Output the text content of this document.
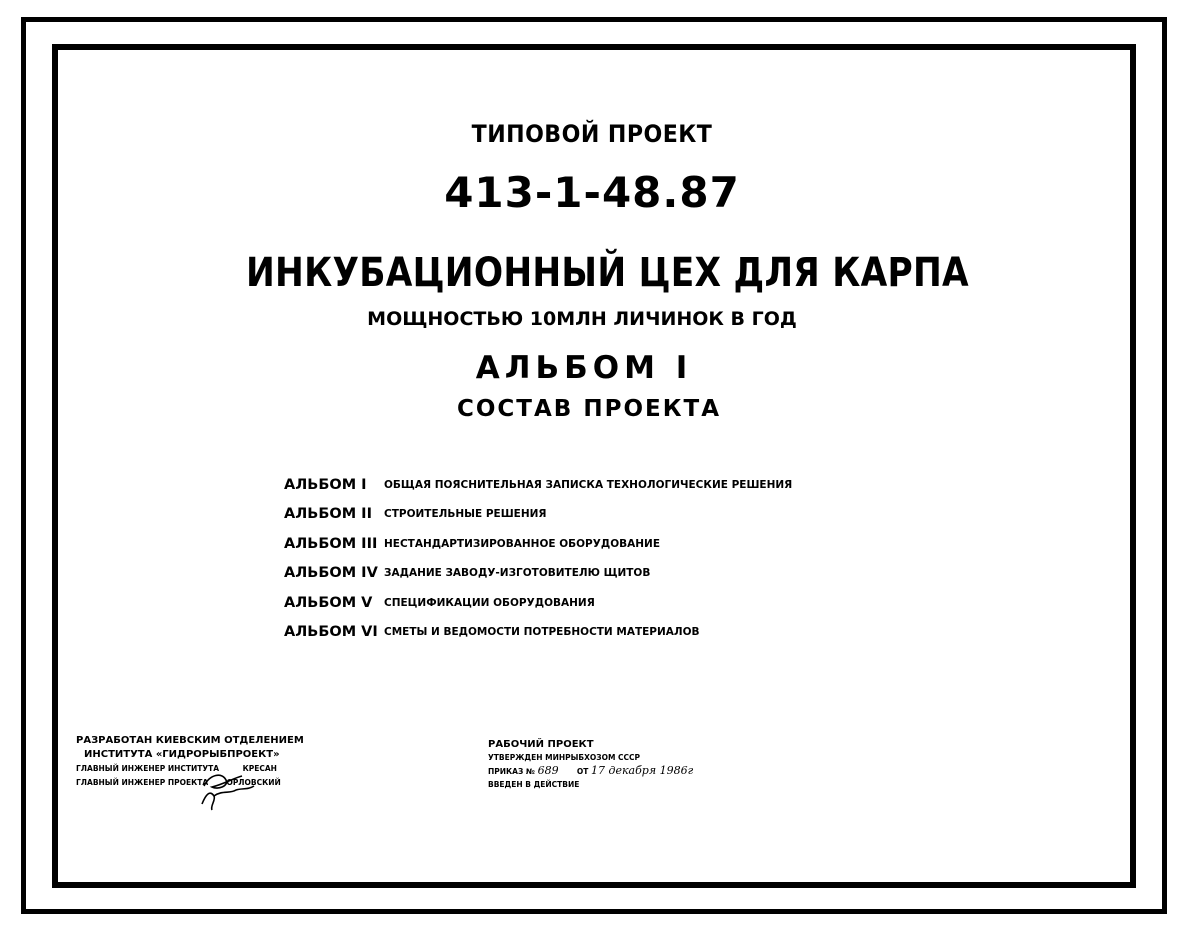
ТИПОВОЙ ПРОЕКТ
413-1-48.87
ИНКУБАЦИОННЫЙ ЦЕХ ДЛЯ КАРПА
МОЩНОСТЬЮ 10МЛН ЛИЧИНОК В ГОД
АЛЬБОМ I
СОСТАВ ПРОЕКТА
АЛЬБОМ I	ОБЩАЯ ПОЯСНИТЕЛЬНАЯ ЗАПИСКА ТЕХНОЛОГИЧЕСКИЕ РЕШЕНИЯ
АЛЬБОМ II	СТРОИТЕЛЬНЫЕ РЕШЕНИЯ
АЛЬБОМ III НЕСТАНДАРТИЗИРОВАННОЕ ОБОРУДОВАНИЕ
АЛЬБОМ IV ЗАДАНИЕ ЗАВОДУ-ИЗГОТОВИТЕЛЮ ЩИТОВ
АЛЬБОМ V	СПЕЦИФИКАЦИИ ОБОРУДОВАНИЯ
АЛЬБОМ VI СМЕТЫ И ВЕДОМОСТИ ПОТРЕБНОСТИ МАТЕРИАЛОВ
РАЗРАБОТАН КИЕВСКИМ ОТДЕЛЕНИЕМ
ИНСТИТУТА «ГИДРОРЫБПРОЕКТ»
ГЛАВНЫЙ ИНЖЕНЕР ИНСТИТУТА	КРЕСАН
ГЛАВНЫЙ ИНЖЕНЕР ПРОЕКТА ОРЛОВСКИЙ
РАБОЧИЙ ПРОЕКТ
УТВЕРЖДЕН МИНРЫБХОЗОМ СССР
ПРИКАЗ № 689 ОТ 17 декабря 1986г
ВВЕДЕН В ДЕЙСТВИЕ
